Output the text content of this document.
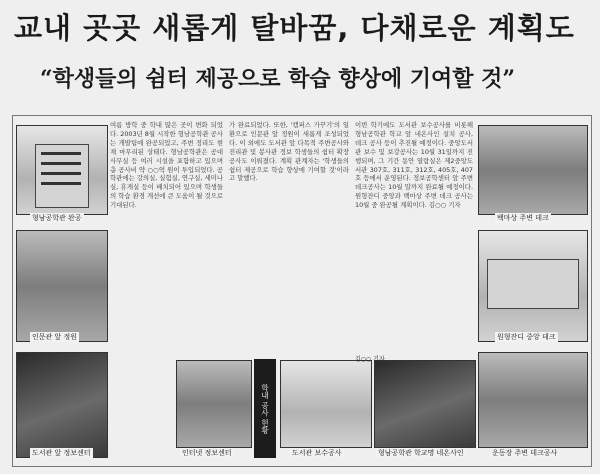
교내 곳곳 새롭게 탈바꿈, 다채로운 계획도
“학생들의 쉼터 제공으로 학습 향상에 기여할 것”
형남공학관 완공
인문관 앞 정원
도서관 앞 정보센터

여름 방학 중 학내 많은 곳이 변화 되었다. 2003년 8월 시작한 형남공학관 공사는 개발팀에 완공되었고, 주변 정리도 현재 마무리된 상태다. 형남공학관은 공대 사무실 등 여러 시설을 포함하고 있으며 총 공사비 약 ○○억 원이 투입되었다. 공학관에는 강의실, 실험실, 연구실, 세미나실, 휴게실 등이 배치되어 있으며 학생들의 학습 환경 개선에 큰 도움이 될 것으로 기대된다.

가 완료되었다. 또한, '캠퍼스 가꾸기'의 일환으로 인문관 앞 정원이 새롭게 조성되었다. 이 외에도 도서관 앞 다목적 주변공사와 진리관 및 봉사관 정보 학생들의 쉼터 확장 공사도 이뤄졌다. 계획 관계자는 '학생들의 쉼터 제공으로 학습 향상에 기여할 것'이라고 말했다.

이번 학기에도 도서관 보수공사를 비롯해 형남공학관 학교 앞 네온사인 설치 공사, 데크 공사 등이 추진될 예정이다. 중앙도서관 보수 및 보강공사는 10월 31일까지 진행되며, 그 기간 동안 열람실은 제2중앙도서관 307호, 311호, 312호, 405호, 407호 등에서 운영된다. 정보공학센터 앞 주변 데크공사는 10월 말까지 완료될 예정이다. 원형잔디 중앙과 백마상 주변 데크 공사는 10월 중 완공될 계획이다. 김○○ 기자

백마상 주변 데크
원형잔디 중앙 데크
인터넷 정보센터
학내 공사 현황
도서관 보수공사	형남공학관 학교명 네온사인	운동장 주변 데크공사
김○○ 기자
